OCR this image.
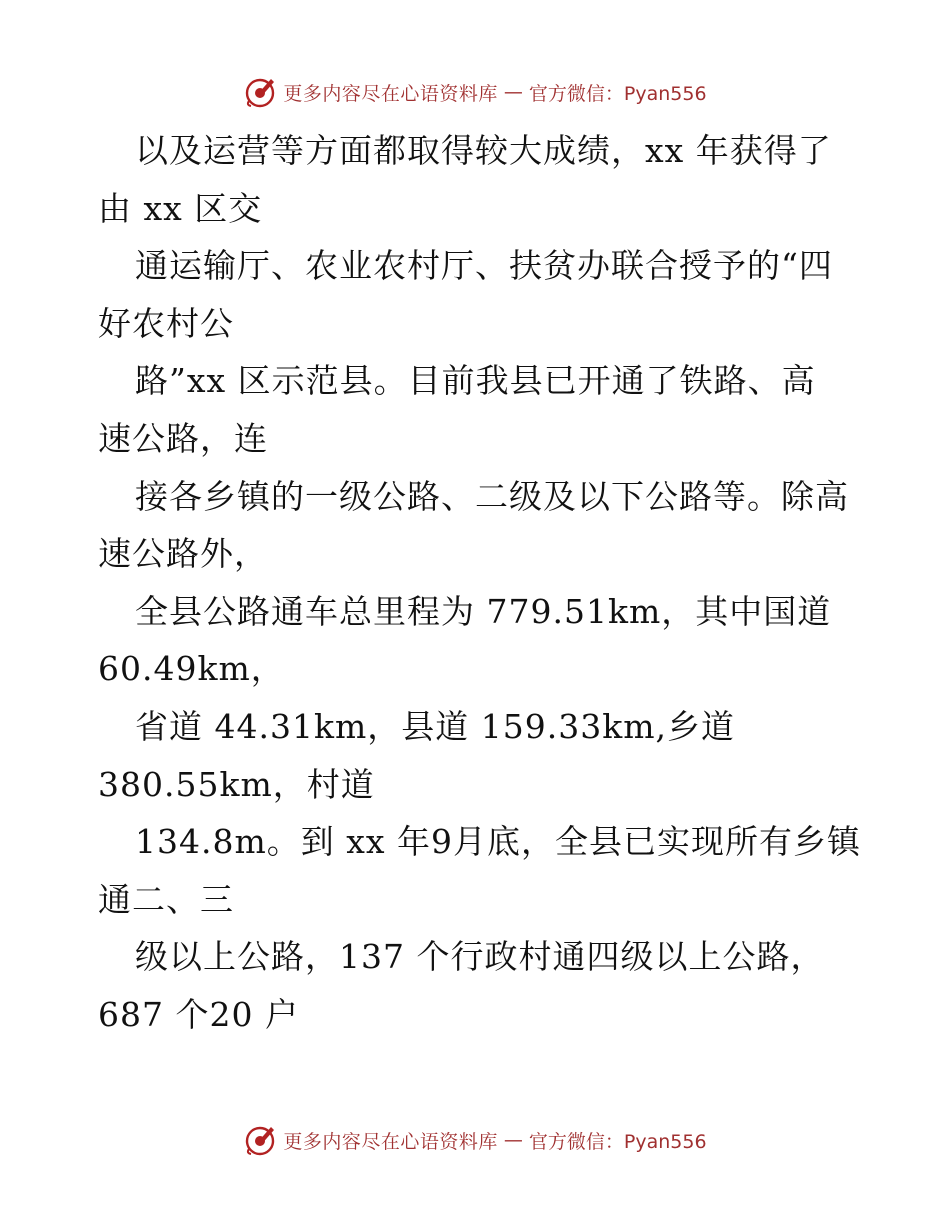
更多内容尽在心语资料库 — 官方微信：Pyan556
以及运营等方面都取得较大成绩，xx 年获得了
由 xx 区交
通运输厅、农业农村厅、扶贫办联合授予的“四
好农村公
路”xx 区示范县。目前我县已开通了铁路、高
速公路，连
接各乡镇的一级公路、二级及以下公路等。除高
速公路外，
全县公路通车总里程为 779.51km，其中国道
60.49km，
省道 44.31km，县道 159.33km,乡道
380.55km，村道
134.8m。到 xx 年9月底，全县已实现所有乡镇
通二、三
级以上公路，137 个行政村通四级以上公路，
687 个20 户
更多内容尽在心语资料库 — 官方微信：Pyan556
